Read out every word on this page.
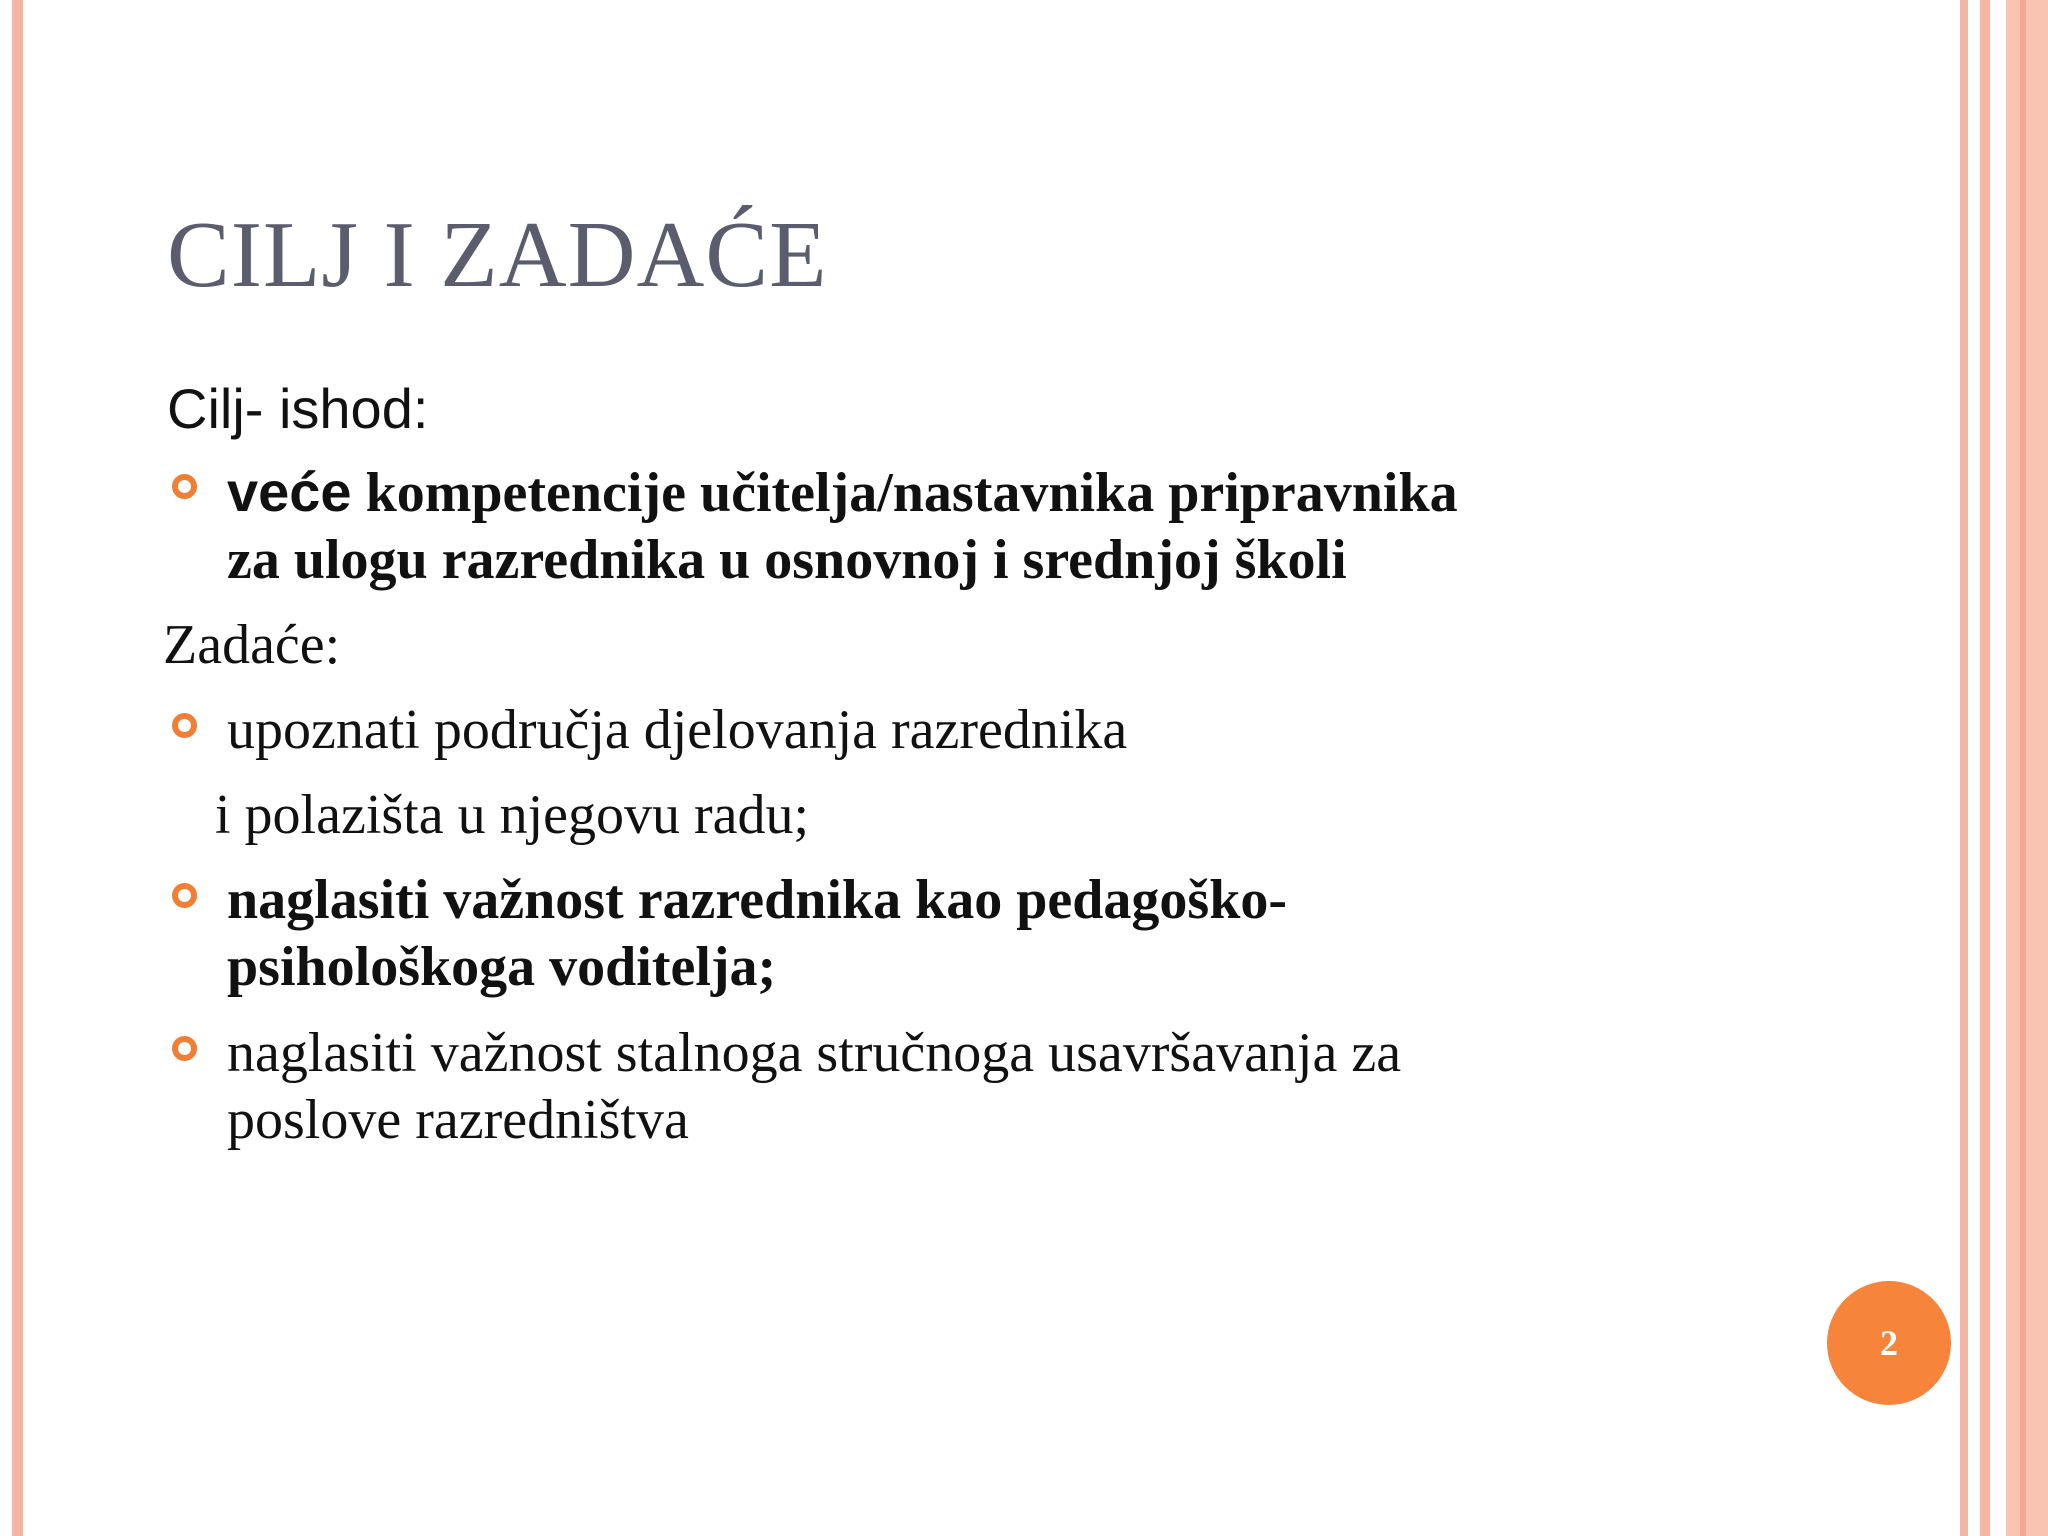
CILJ I ZADAĆE
Cilj- ishod:
veće kompetencije učitelja/nastavnika pripravnika
za ulogu razrednika u osnovnoj i srednjoj školi
Zadaće:
upoznati područja djelovanja razrednika
i polazišta u njegovu radu;
naglasiti važnost razrednika kao pedagoško-
psihološkoga voditelja;
naglasiti važnost stalnoga stručnoga usavršavanja za
poslove razredništva
2
